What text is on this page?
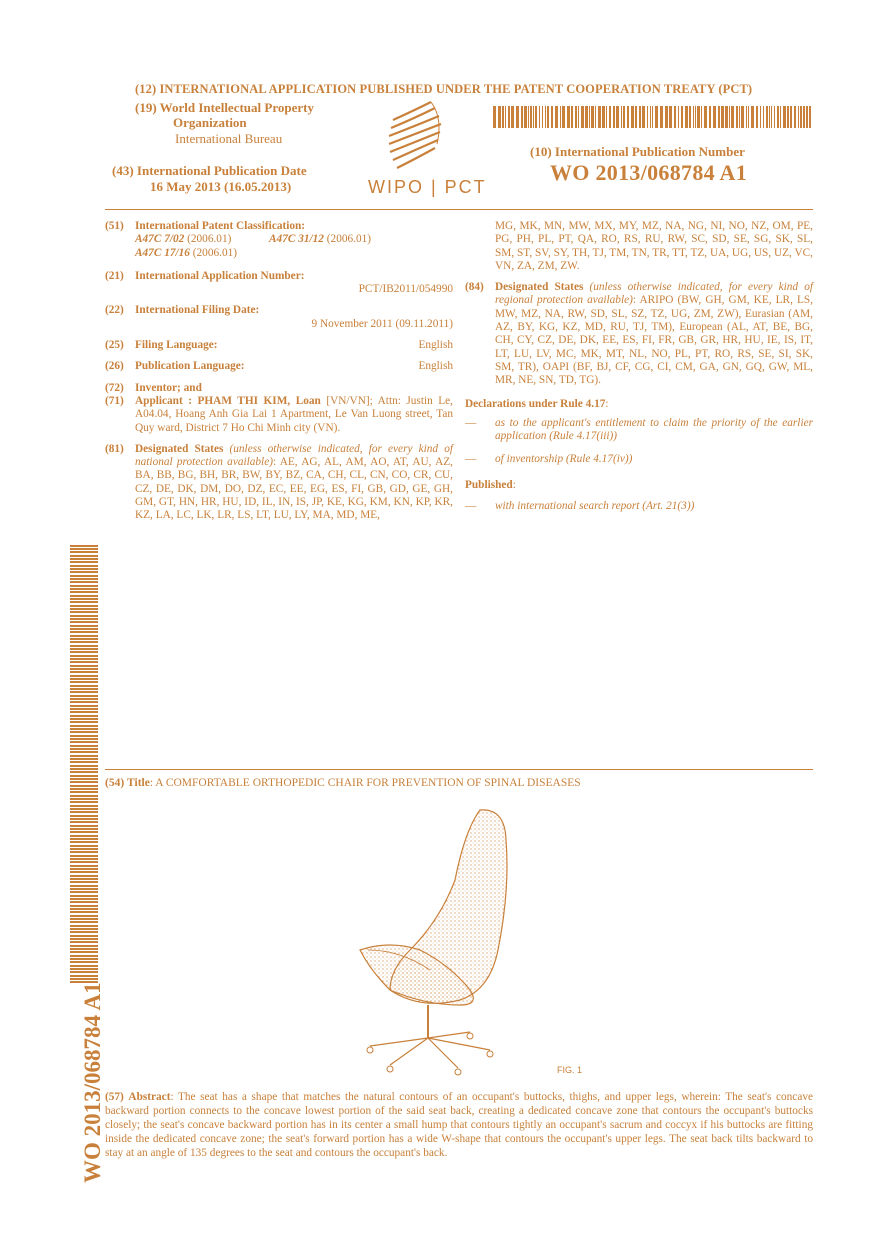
(12) INTERNATIONAL APPLICATION PUBLISHED UNDER THE PATENT COOPERATION TREATY (PCT)
(19) World Intellectual Property
Organization
International Bureau
(43) International Publication Date
16 May 2013 (16.05.2013)	WIPO | PCT
(10) International Publication Number
WO 2013/068784 A1
(51) International Patent Classification:
A47C 7/02 (2006.01)	A47C 31/12 (2006.01)
A47C 17/16 (2006.01)
(21) International Application Number:
PCT/IB2011/054990
(22) International Filing Date:
9 November 2011 (09.11.2011)
(25) Filing Language:	English
(26) Publication Language:	English
(72) Inventor; and
(71) Applicant : PHAM THI KIM, Loan [VN/VN]; Attn: Justin Le, A04.04, Hoang Anh Gia Lai 1 Apartment, Le Van Luong street, Tan Quy ward, District 7 Ho Chi Minh city (VN).
(81) Designated States (unless otherwise indicated, for every kind of national protection available): AE, AG, AL, AM, AO, AT, AU, AZ, BA, BB, BG, BH, BR, BW, BY, BZ, CA, CH, CL, CN, CO, CR, CU, CZ, DE, DK, DM, DO, DZ, EC, EE, EG, ES, FI, GB, GD, GE, GH, GM, GT, HN, HR, HU, ID, IL, IN, IS, JP, KE, KG, KM, KN, KP, KR, KZ, LA, LC, LK, LR, LS, LT, LU, LY, MA, MD, ME,
MG, MK, MN, MW, MX, MY, MZ, NA, NG, NI, NO, NZ, OM, PE, PG, PH, PL, PT, QA, RO, RS, RU, RW, SC, SD, SE, SG, SK, SL, SM, ST, SV, SY, TH, TJ, TM, TN, TR, TT, TZ, UA, UG, US, UZ, VC, VN, ZA, ZM, ZW.
(84) Designated States (unless otherwise indicated, for every kind of regional protection available): ARIPO (BW, GH, GM, KE, LR, LS, MW, MZ, NA, RW, SD, SL, SZ, TZ, UG, ZM, ZW), Eurasian (AM, AZ, BY, KG, KZ, MD, RU, TJ, TM), European (AL, AT, BE, BG, CH, CY, CZ, DE, DK, EE, ES, FI, FR, GB, GR, HR, HU, IE, IS, IT, LT, LU, LV, MC, MK, MT, NL, NO, PL, PT, RO, RS, SE, SI, SK, SM, TR), OAPI (BF, BJ, CF, CG, CI, CM, GA, GN, GQ, GW, ML, MR, NE, SN, TD, TG).
Declarations under Rule 4.17:
—	as to the applicant's entitlement to claim the priority of the earlier application (Rule 4.17(iii))
—	of inventorship (Rule 4.17(iv))
Published:
—	with international search report (Art. 21(3))
(54) Title: A COMFORTABLE ORTHOPEDIC CHAIR FOR PREVENTION OF SPINAL DISEASES
FIG. 1
(57) Abstract: The seat has a shape that matches the natural contours of an occupant's buttocks, thighs, and upper legs, wherein: The seat's concave backward portion connects to the concave lowest portion of the said seat back, creating a dedicated concave zone that contours the occupant's buttocks closely; the seat's concave backward portion has in its center a small hump that contours tightly an occupant's sacrum and coccyx if his buttocks are fitting inside the dedicated concave zone; the seat's forward portion has a wide W-shape that contours the occupant's upper legs. The seat back tilts backward to stay at an angle of 135 degrees to the seat and contours the occupant's back.
WO 2013/068784 A1
